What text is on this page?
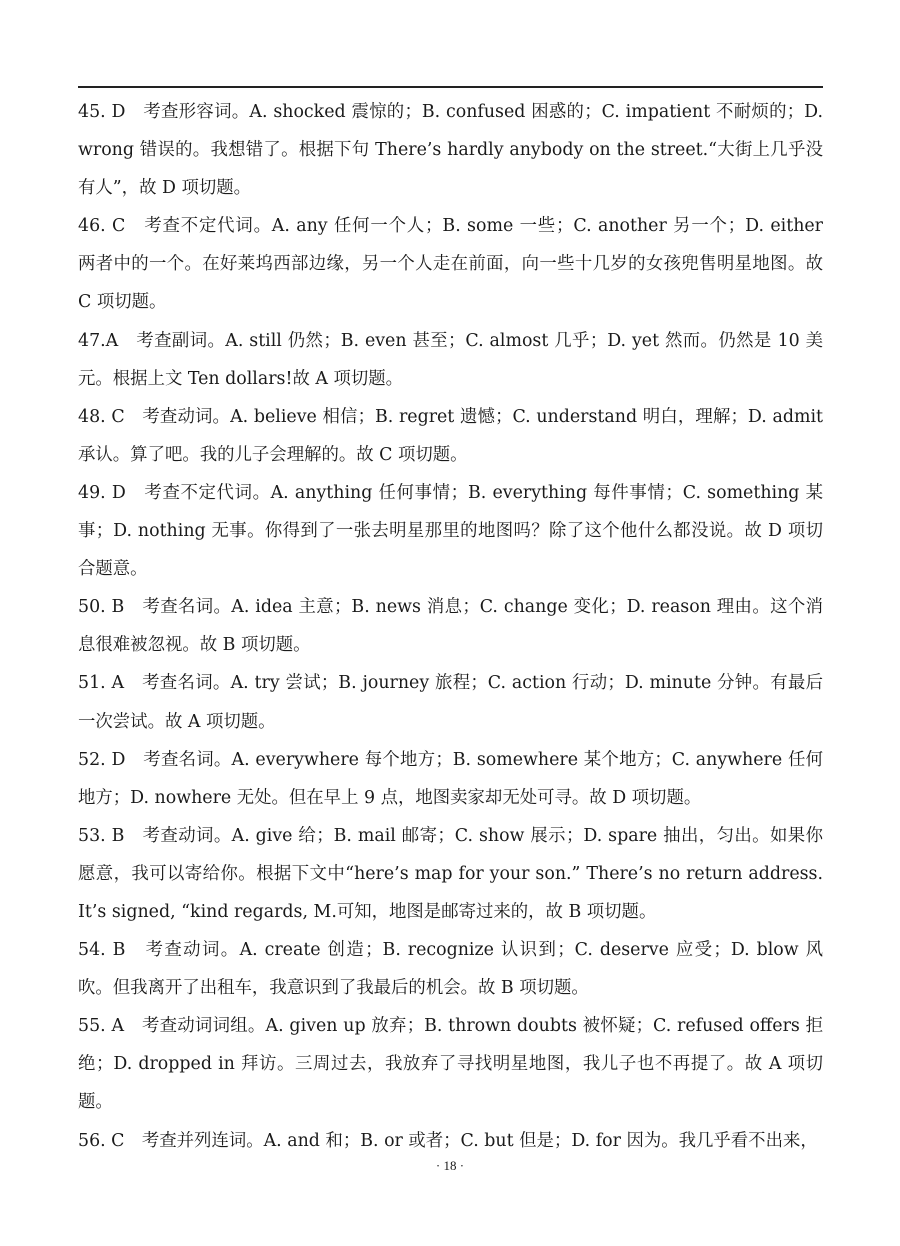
45. D　考查形容词。A. shocked 震惊的；B. confused 困惑的；C. impatient 不耐烦的；D. wrong 错误的。我想错了。根据下句 There’s hardly anybody on the street.“大街上几乎没有人”，故 D 项切题。

46. C　考查不定代词。A. any 任何一个人；B. some 一些；C. another 另一个；D. either 两者中的一个。在好莱坞西部边缘，另一个人走在前面，向一些十几岁的女孩兜售明星地图。故 C 项切题。

47.A　考查副词。A. still 仍然；B. even 甚至；C. almost 几乎；D. yet 然而。仍然是 10 美元。根据上文 Ten dollars!故 A 项切题。

48. C　考查动词。A. believe 相信；B. regret 遗憾；C. understand 明白，理解；D. admit 承认。算了吧。我的儿子会理解的。故 C 项切题。

49. D　考查不定代词。A. anything 任何事情；B. everything 每件事情；C. something 某事；D. nothing 无事。你得到了一张去明星那里的地图吗？除了这个他什么都没说。故 D 项切合题意。

50. B　考查名词。A. idea 主意；B. news 消息；C. change 变化；D. reason 理由。这个消息很难被忽视。故 B 项切题。

51. A　考查名词。A. try 尝试；B. journey 旅程；C. action 行动；D. minute 分钟。有最后一次尝试。故 A 项切题。

52. D　考查名词。A. everywhere 每个地方；B. somewhere 某个地方；C. anywhere 任何地方；D. nowhere 无处。但在早上 9 点，地图卖家却无处可寻。故 D 项切题。

53. B　考查动词。A. give 给；B. mail 邮寄；C. show 展示；D. spare 抽出，匀出。如果你愿意，我可以寄给你。根据下文中“here’s map for your son.” There’s no return address. It’s signed, “kind regards, M.可知，地图是邮寄过来的，故 B 项切题。

54. B　考查动词。A. create 创造；B. recognize 认识到；C. deserve 应受；D. blow 风吹。但我离开了出租车，我意识到了我最后的机会。故 B 项切题。

55. A　考查动词词组。A. given up 放弃；B. thrown doubts 被怀疑；C. refused offers 拒绝；D. dropped in 拜访。三周过去，我放弃了寻找明星地图，我儿子也不再提了。故 A 项切题。

56. C　考查并列连词。A. and 和；B. or 或者；C. but 但是；D. for 因为。我几乎看不出来，

· 18 ·
